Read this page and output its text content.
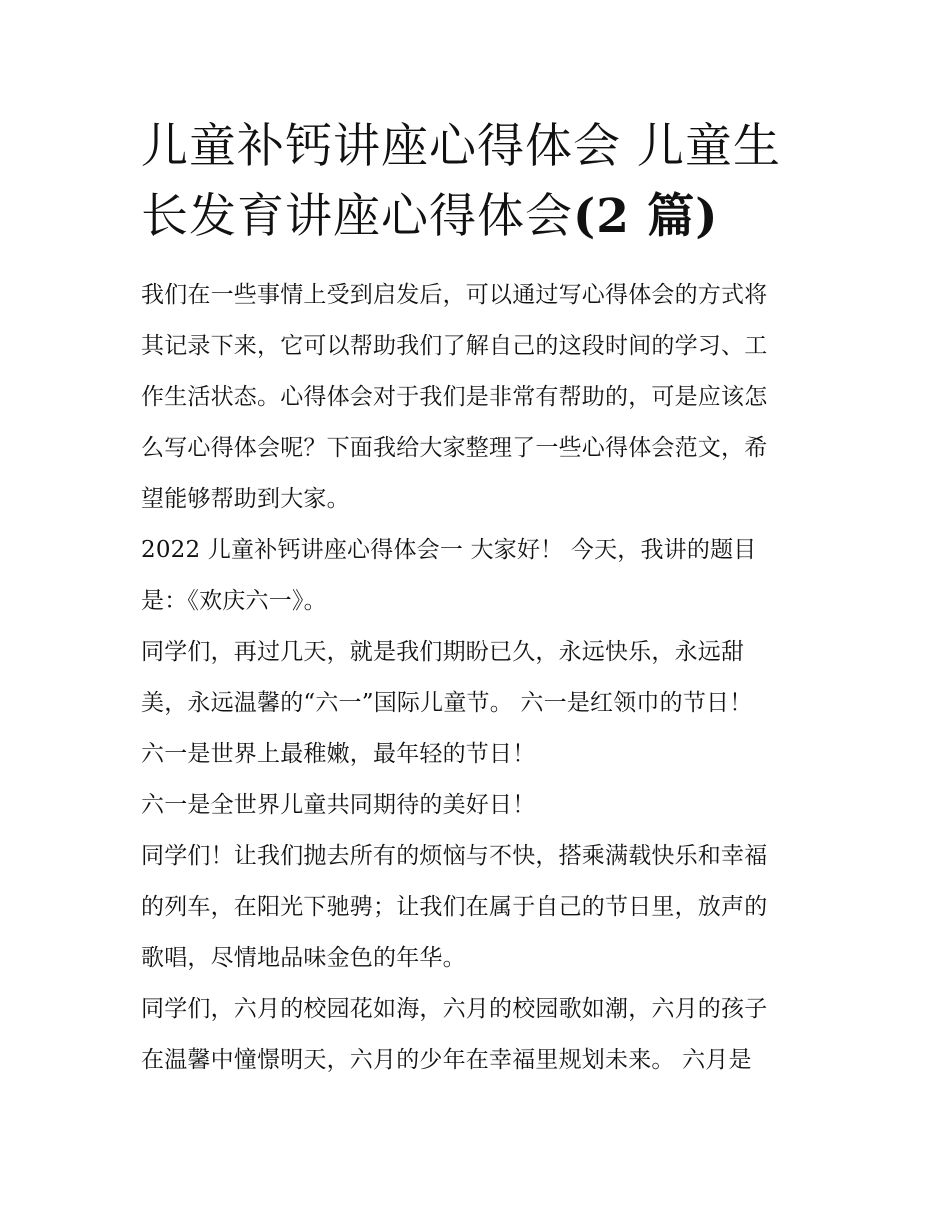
儿童补钙讲座心得体会 儿童生
长发育讲座心得体会(2 篇)

我们在一些事情上受到启发后，可以通过写心得体会的方式将
其记录下来，它可以帮助我们了解自己的这段时间的学习、工
作生活状态。心得体会对于我们是非常有帮助的，可是应该怎
么写心得体会呢？下面我给大家整理了一些心得体会范文，希
望能够帮助到大家。

2022 儿童补钙讲座心得体会一 大家好！ 今天，我讲的题目
是：《欢庆六一》。

同学们，再过几天，就是我们期盼已久，永远快乐，永远甜
美，永远温馨的“六一”国际儿童节。 六一是红领巾的节日！

六一是世界上最稚嫩，最年轻的节日！

六一是全世界儿童共同期待的美好日！

同学们！让我们抛去所有的烦恼与不快，搭乘满载快乐和幸福
的列车，在阳光下驰骋；让我们在属于自己的节日里，放声的
歌唱，尽情地品味金色的年华。

同学们，六月的校园花如海，六月的校园歌如潮，六月的孩子
在温馨中憧憬明天，六月的少年在幸福里规划未来。 六月是
